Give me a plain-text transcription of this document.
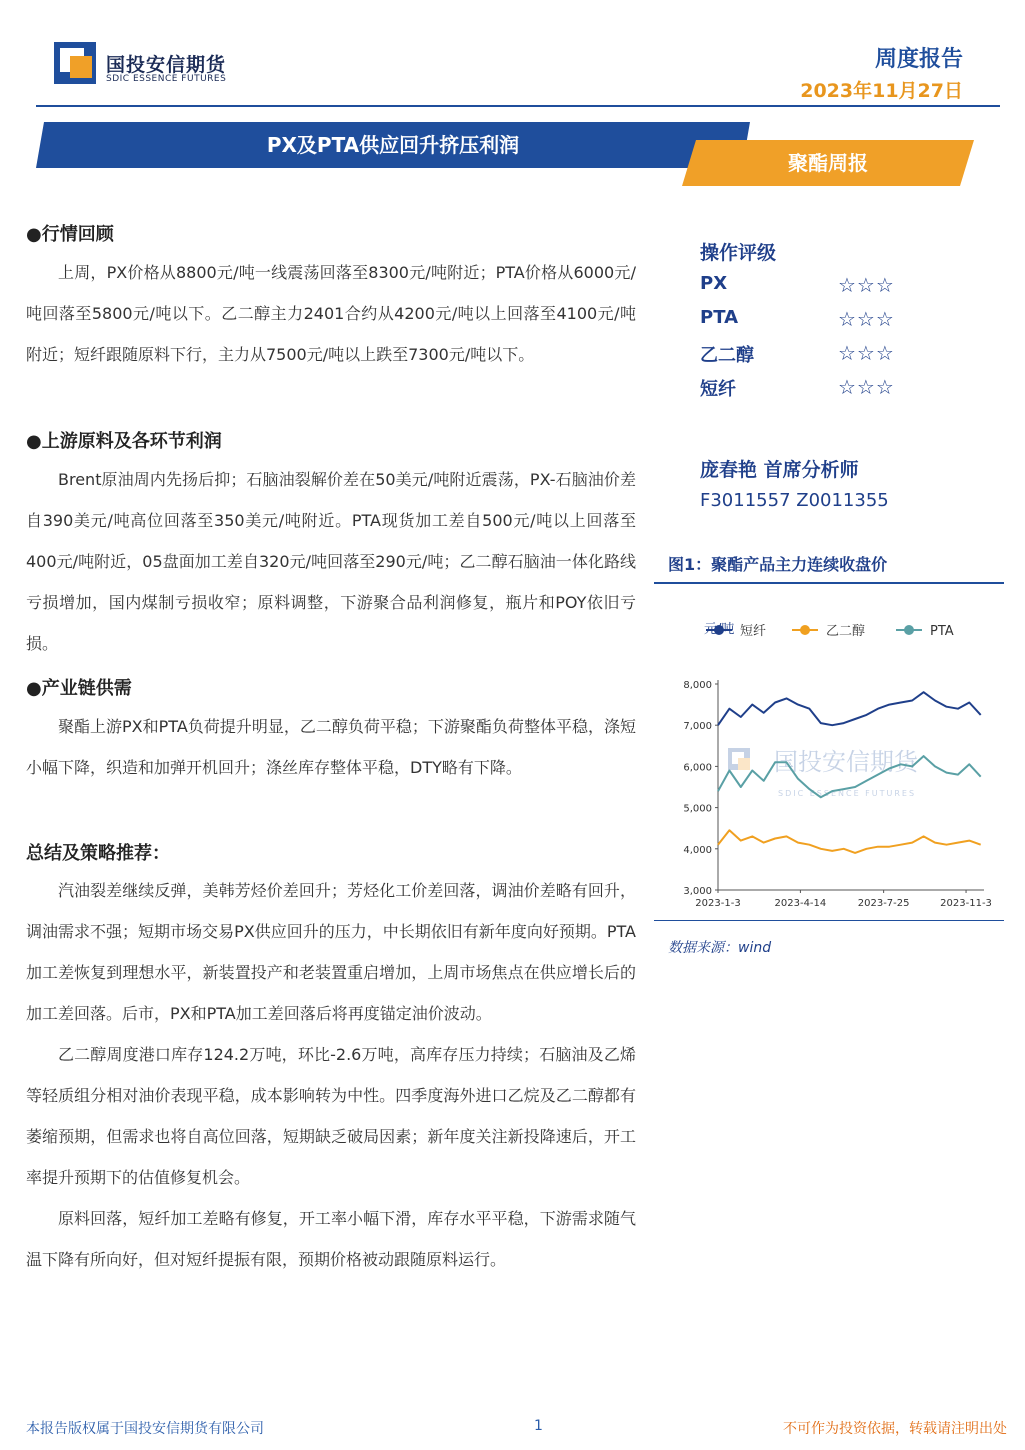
国投安信期货
SDIC ESSENCE FUTURES
周度报告
2023年11月27日
PX及PTA供应回升挤压利润
聚酯周报
●行情回顾

上周，PX价格从8800元/吨一线震荡回落至8300元/吨附近；PTA价格从6000元/吨回落至5800元/吨以下。乙二醇主力2401合约从4200元/吨以上回落至4100元/吨附近；短纤跟随原料下行，主力从7500元/吨以上跌至7300元/吨以下。

●上游原料及各环节利润

Brent原油周内先扬后抑；石脑油裂解价差在50美元/吨附近震荡，PX-石脑油价差自390美元/吨高位回落至350美元/吨附近。PTA现货加工差自500元/吨以上回落至400元/吨附近，05盘面加工差自320元/吨回落至290元/吨；乙二醇石脑油一体化路线亏损增加，国内煤制亏损收窄；原料调整，下游聚合品利润修复，瓶片和POY依旧亏损。

●产业链供需

聚酯上游PX和PTA负荷提升明显，乙二醇负荷平稳；下游聚酯负荷整体平稳，涤短小幅下降，织造和加弹开机回升；涤丝库存整体平稳，DTY略有下降。

总结及策略推荐：

汽油裂差继续反弹，美韩芳烃价差回升；芳烃化工价差回落，调油价差略有回升，调油需求不强；短期市场交易PX供应回升的压力，中长期依旧有新年度向好预期。PTA加工差恢复到理想水平，新装置投产和老装置重启增加，上周市场焦点在供应增长后的加工差回落。后市，PX和PTA加工差回落后将再度锚定油价波动。

乙二醇周度港口库存124.2万吨，环比-2.6万吨，高库存压力持续；石脑油及乙烯等轻质组分相对油价表现平稳，成本影响转为中性。四季度海外进口乙烷及乙二醇都有萎缩预期，但需求也将自高位回落，短期缺乏破局因素；新年度关注新投降速后，开工率提升预期下的估值修复机会。

原料回落，短纤加工差略有修复，开工率小幅下滑，库存水平平稳，下游需求随气温下降有所向好，但对短纤提振有限，预期价格被动跟随原料运行。

操作评级
PX	☆☆☆
PTA	☆☆☆
乙二醇	☆☆☆
短纤	☆☆☆
庞春艳 首席分析师
F3011557 Z0011355
图1：聚酯产品主力连续收盘价
国投安信期货
SDIC ESSENCE FUTURES
短纤	乙二醇	PTA
元/吨
3,000
4,000
5,000
6,000
7,000
8,000
2023-1-3	2023-4-14	2023-7-25	2023-11-3
数据来源：wind
本报告版权属于国投安信期货有限公司	1	不可作为投资依据，转载请注明出处
